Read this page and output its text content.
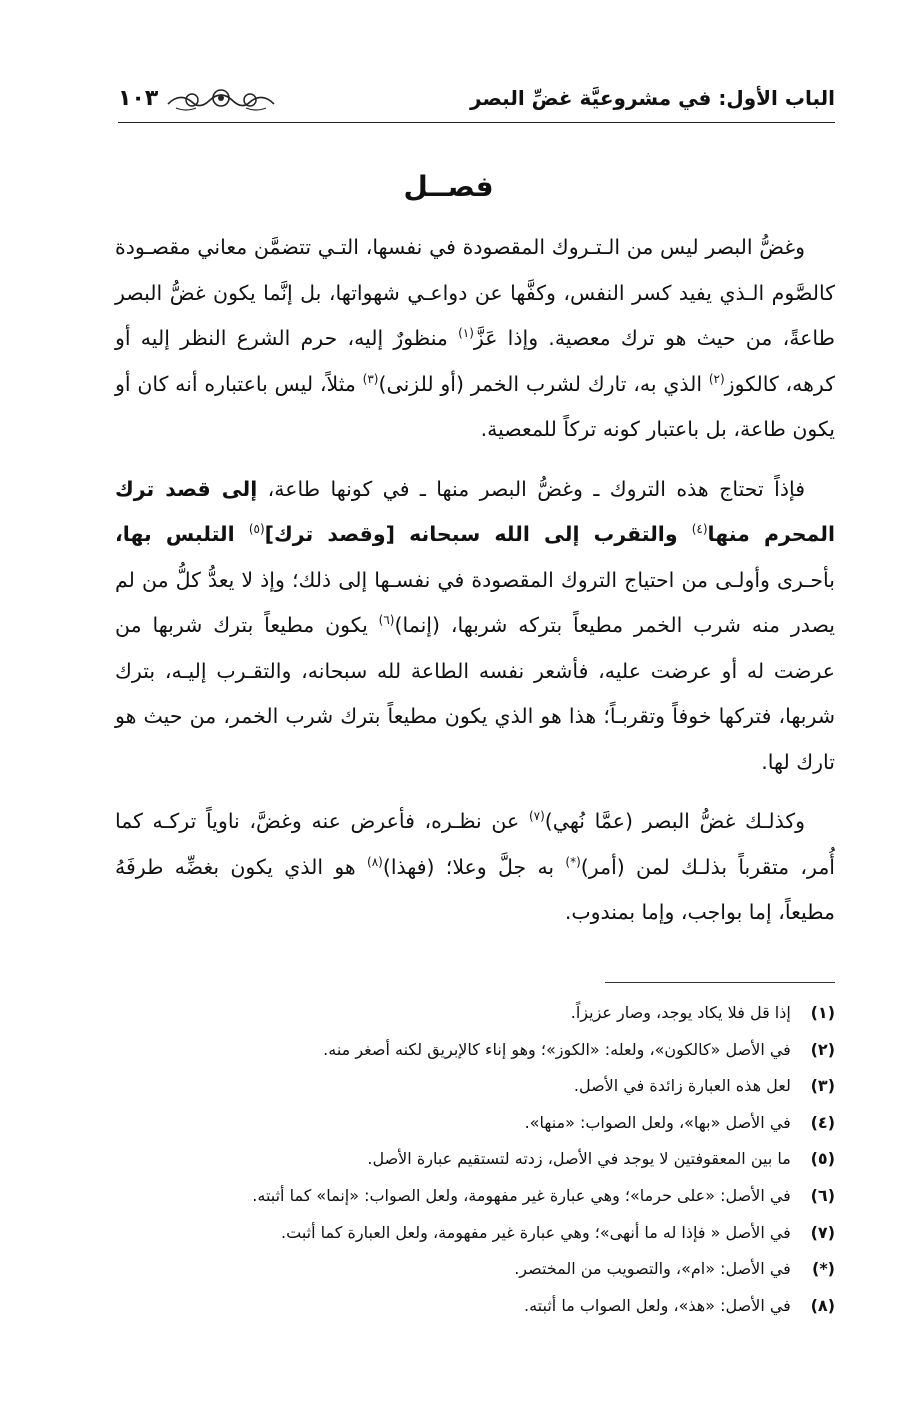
الباب الأول: في مشروعيَّة غضِّ البصر
١٠٣
فصــل

وغضُّ البصر ليس من الـتـروك المقصودة في نفسها، التـي تتضمَّن معاني مقصـودة كالصَّوم الـذي يفيد كسر النفس، وكفَّها عن دواعـي شهواتها، بل إنَّما يكون غضُّ البصر طاعةً، من حيث هو ترك معصية. وإذا عَزَّ$^{(١)}$ منظورٌ إليه، حرم الشرع النظر إليه أو كرهه، كالكوز$^{(٢)}$ الذي به، تارك لشرب الخمر (أو للزنى)$^{(٣)}$ مثلاً، ليس باعتباره أنه كان أو يكون طاعة، بل باعتبار كونه تركاً للمعصية.

فإذاً تحتاج هذه التروك ـ وغضُّ البصر منها ـ في كونها طاعة، إلى قصد ترك المحرم منها$^{(٤)}$ والتقرب إلى الله سبحانه [وقصد ترك]$^{(٥)}$ التلبس بها، بأحـرى وأولـى من احتياج التروك المقصودة في نفسـها إلى ذلك؛ وإذ لا يعدُّ كلُّ من لم يصدر منه شرب الخمر مطيعاً بتركه شربها، (إنما)$^{(٦)}$ يكون مطيعاً بترك شربها من عرضت له أو عرضت عليه، فأشعر نفسه الطاعة لله سبحانه، والتقـرب إليـه، بترك شربها، فتركها خوفاً وتقربـاً؛ هذا هو الذي يكون مطيعاً بترك شرب الخمر، من حيث هو تارك لها.

وكذلـك غضُّ البصر (عمَّا نُهي)$^{(٧)}$ عن نظـره، فأعرض عنه وغضَّ، ناوياً تركـه كما أُمر، متقرباً بذلـك لمن (أمر)(*) به جلَّ وعلا؛ (فهذا)$^{(٨)}$ هو الذي يكون بغضِّه طرفَهُ مطيعاً، إما بواجب، وإما بمندوب.

(١)  إذا قل فلا يكاد يوجد، وصار عزيزاً.
(٢)  في الأصل «كالكون»، ولعله: «الكوز»؛ وهو إناء كالإبريق لكنه أصغر منه.
(٣)  لعل هذه العبارة زائدة في الأصل.
(٤)  في الأصل «بها»، ولعل الصواب: «منها».
(٥)  ما بين المعقوفتين لا يوجد في الأصل، زدته لتستقيم عبارة الأصل.
(٦)  في الأصل: «على حرما»؛ وهي عبارة غير مفهومة، ولعل الصواب: «إنما» كما أثبته.
(٧)  في الأصل « فإذا له ما أنهى»؛ وهي عبارة غير مفهومة، ولعل العبارة كما أثبت.
(*)  في الأصل: «ام»، والتصويب من المختصر.
(٨)  في الأصل: «هذ»، ولعل الصواب ما أثبته.
